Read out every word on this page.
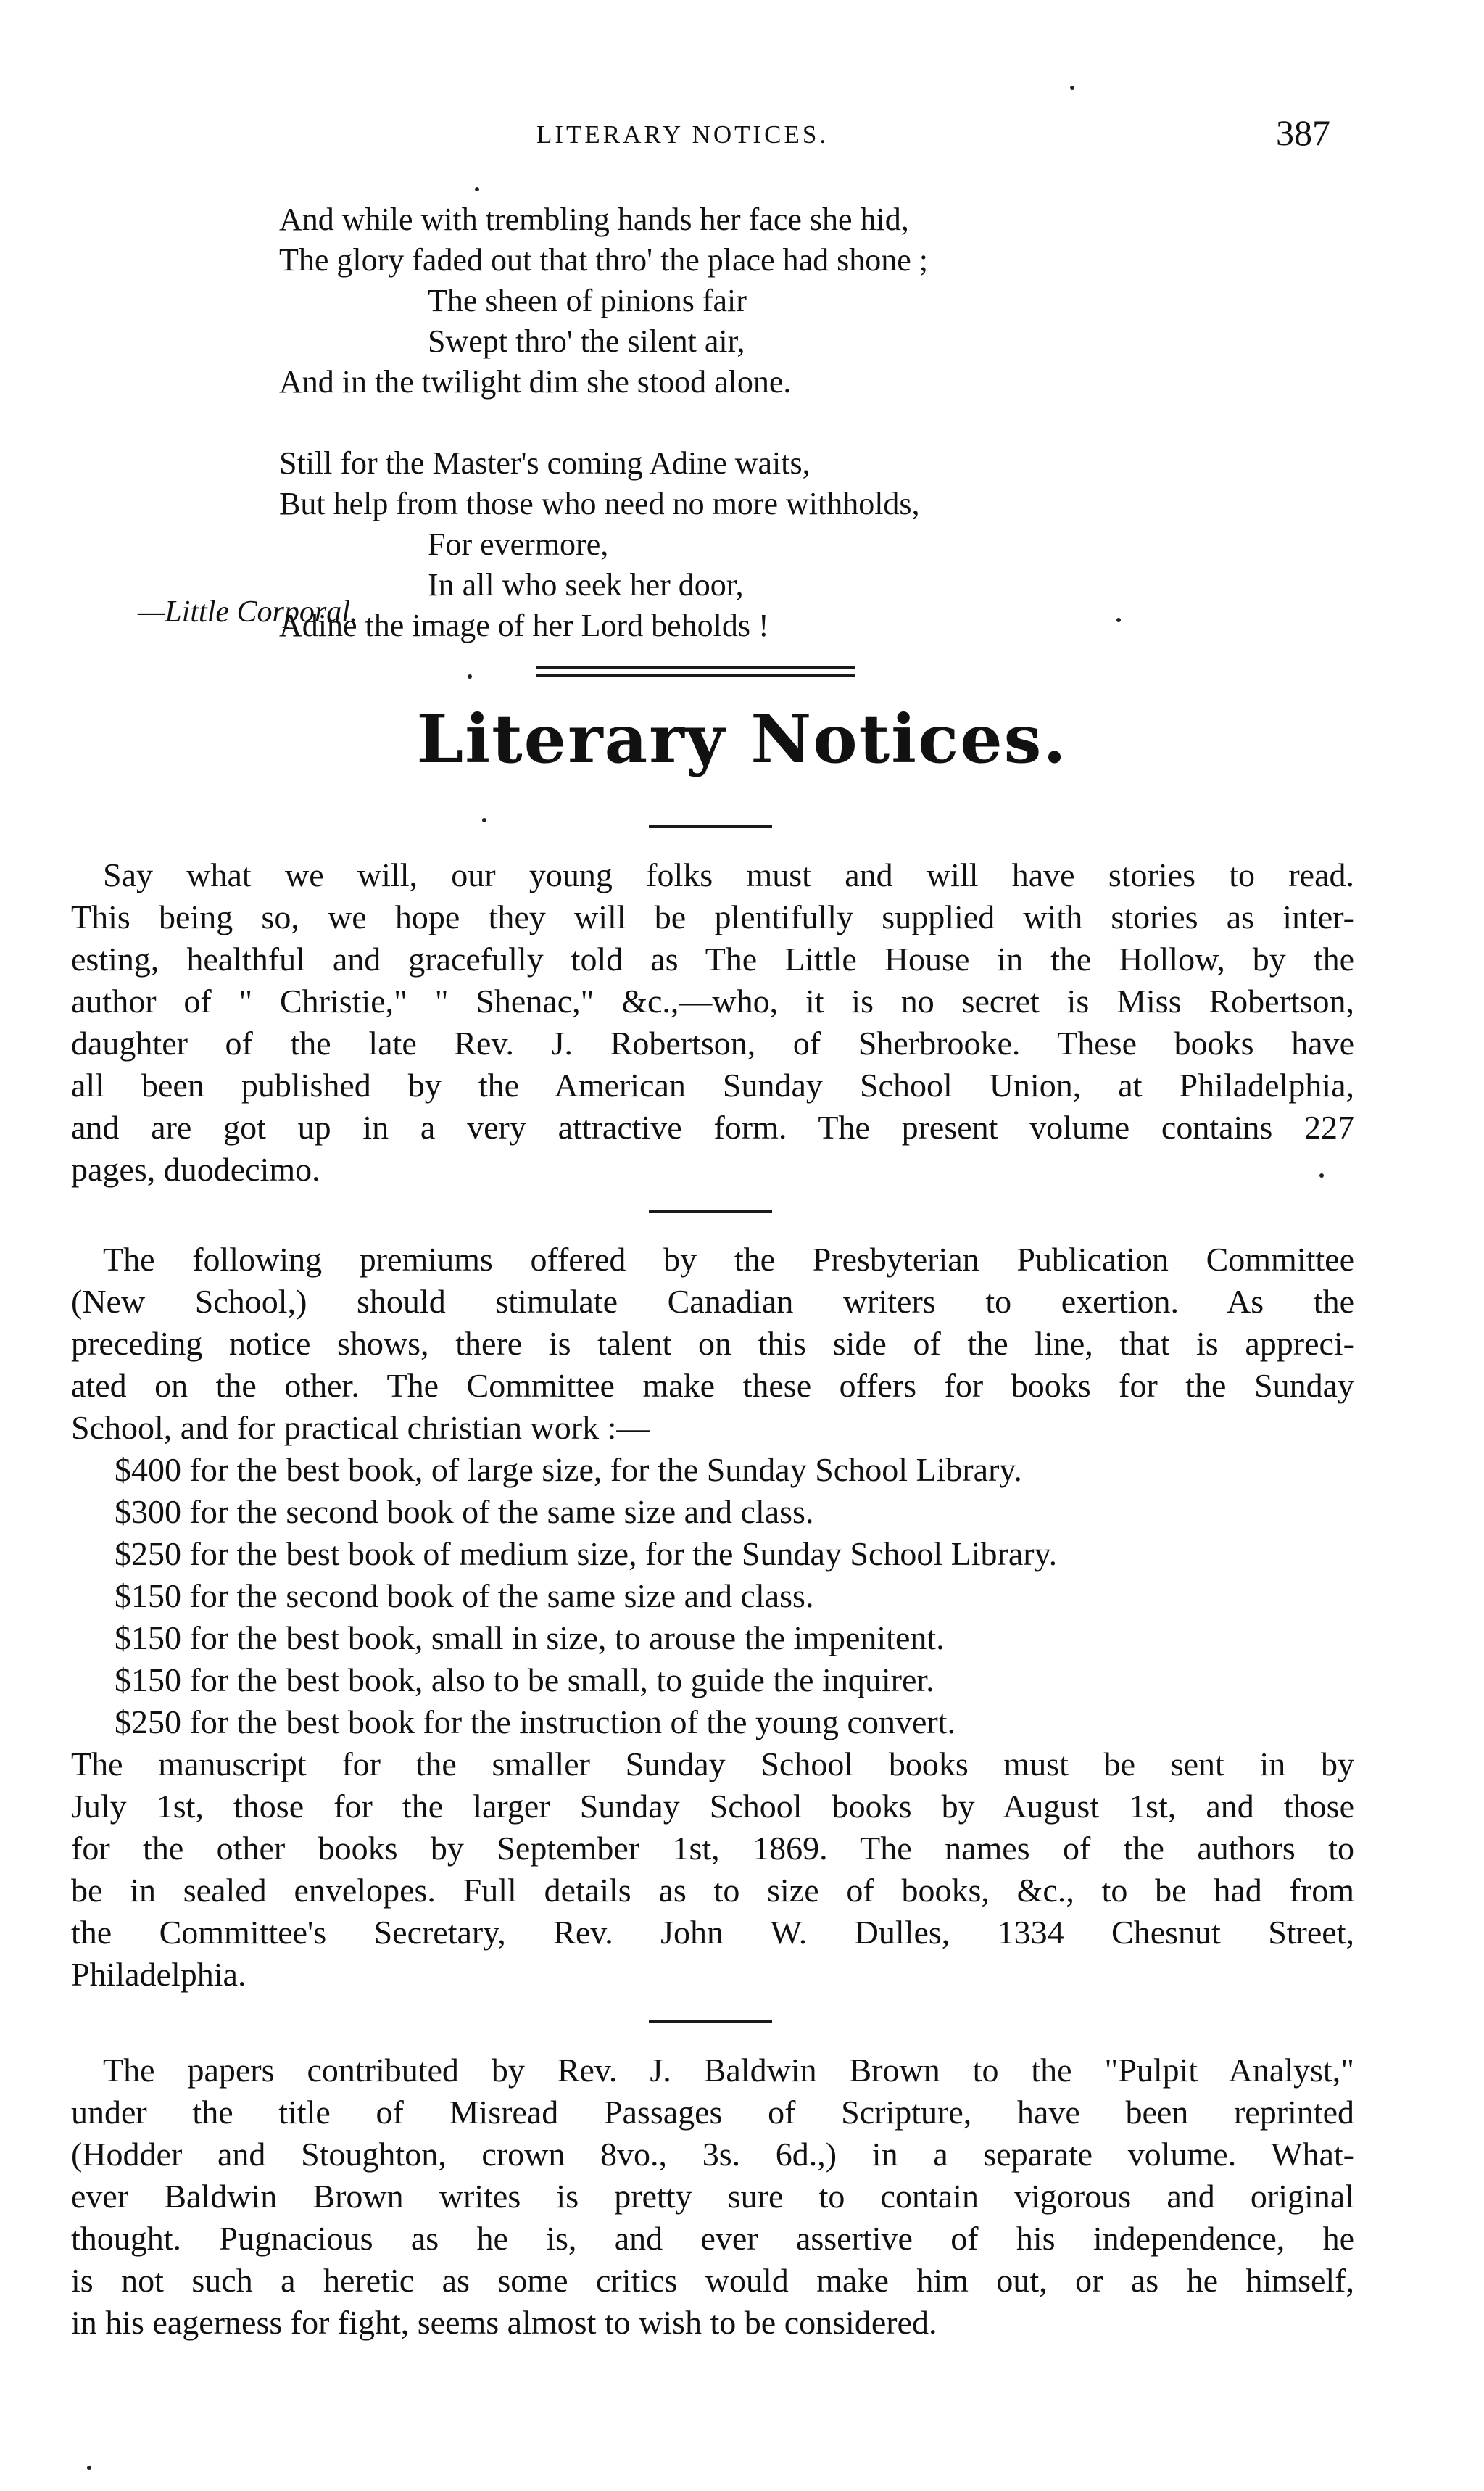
LITERARY NOTICES.	387
And while with trembling hands her face she hid,
The glory faded out that thro' the place had shone ;
The sheen of pinions fair
Swept thro' the silent air,
And in the twilight dim she stood alone.
Still for the Master's coming Adine waits,
But help from those who need no more withholds,
For evermore,
In all who seek her door,
Adine the image of her Lord beholds !
—Little Corporal.
Literary Notices.
Say what we will, our young folks must and will have stories to read.
This being so, we hope they will be plentifully supplied with stories as inter-
esting, healthful and gracefully told as The Little House in the Hollow, by the
author of " Christie," " Shenac," &c.,—who, it is no secret is Miss Robertson,
daughter of the late Rev. J. Robertson, of Sherbrooke. These books have
all been published by the American Sunday School Union, at Philadelphia,
and are got up in a very attractive form. The present volume contains 227
pages, duodecimo.
The following premiums offered by the Presbyterian Publication Committee
(New School,) should stimulate Canadian writers to exertion. As the
preceding notice shows, there is talent on this side of the line, that is appreci-
ated on the other. The Committee make these offers for books for the Sunday
School, and for practical christian work :—
$400 for the best book, of large size, for the Sunday School Library.
$300 for the second book of the same size and class.
$250 for the best book of medium size, for the Sunday School Library.
$150 for the second book of the same size and class.
$150 for the best book, small in size, to arouse the impenitent.
$150 for the best book, also to be small, to guide the inquirer.
$250 for the best book for the instruction of the young convert.
The manuscript for the smaller Sunday School books must be sent in by
July 1st, those for the larger Sunday School books by August 1st, and those
for the other books by September 1st, 1869. The names of the authors to
be in sealed envelopes. Full details as to size of books, &c., to be had from
the Committee's Secretary, Rev. John W. Dulles, 1334 Chesnut Street,
Philadelphia.
The papers contributed by Rev. J. Baldwin Brown to the "Pulpit Analyst,"
under the title of Misread Passages of Scripture, have been reprinted
(Hodder and Stoughton, crown 8vo., 3s. 6d.,) in a separate volume. What-
ever Baldwin Brown writes is pretty sure to contain vigorous and original
thought. Pugnacious as he is, and ever assertive of his independence, he
is not such a heretic as some critics would make him out, or as he himself,
in his eagerness for fight, seems almost to wish to be considered.
